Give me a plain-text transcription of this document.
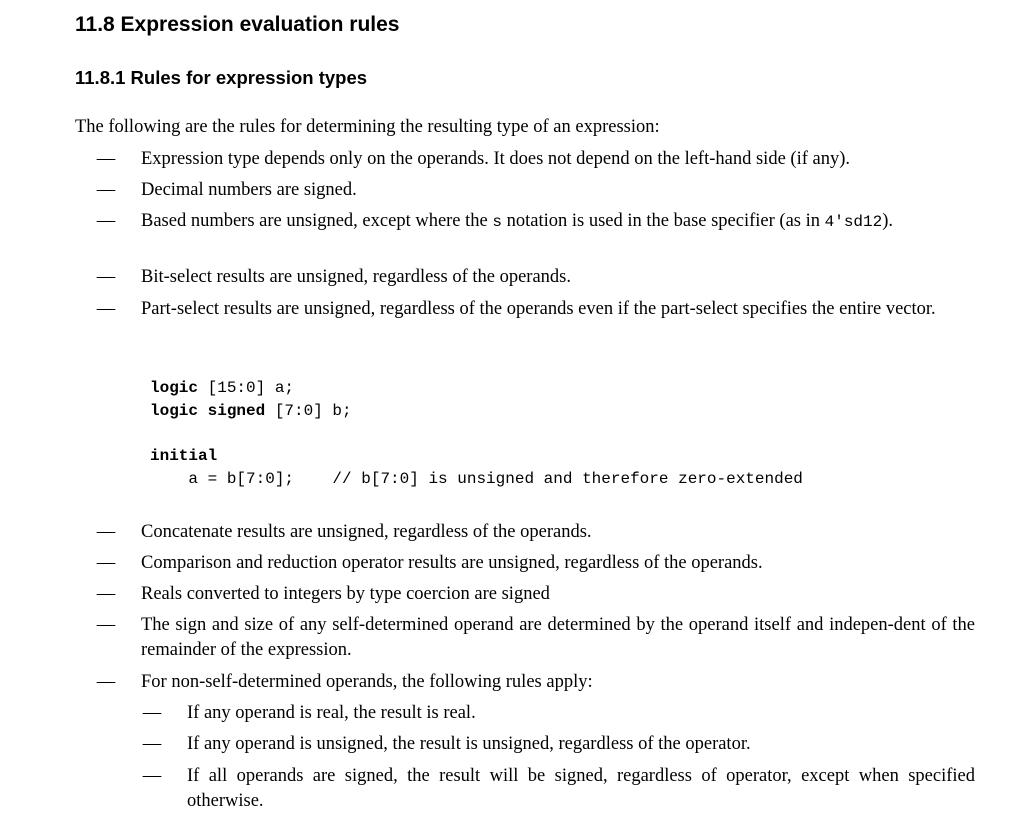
11.8 Expression evaluation rules
11.8.1 Rules for expression types

The following are the rules for determining the resulting type of an expression:

— Expression type depends only on the operands. It does not depend on the left-hand side (if any).
— Decimal numbers are signed.
— Based numbers are unsigned, except where the s notation is used in the base specifier (as in 4'sd12).
— Bit-select results are unsigned, regardless of the operands.
— Part-select results are unsigned, regardless of the operands even if the part-select specifies the entire vector.
logic [15:0] a;
logic signed [7:0] b;
initial
a = b[7:0];    // b[7:0] is unsigned and therefore zero-extended
— Concatenate results are unsigned, regardless of the operands.
— Comparison and reduction operator results are unsigned, regardless of the operands.
— Reals converted to integers by type coercion are signed
— The sign and size of any self-determined operand are determined by the operand itself and indepen-dent of the remainder of the expression.
— For non-self-determined operands, the following rules apply:
— If any operand is real, the result is real.
— If any operand is unsigned, the result is unsigned, regardless of the operator.
— If all operands are signed, the result will be signed, regardless of operator, except when specified otherwise.
